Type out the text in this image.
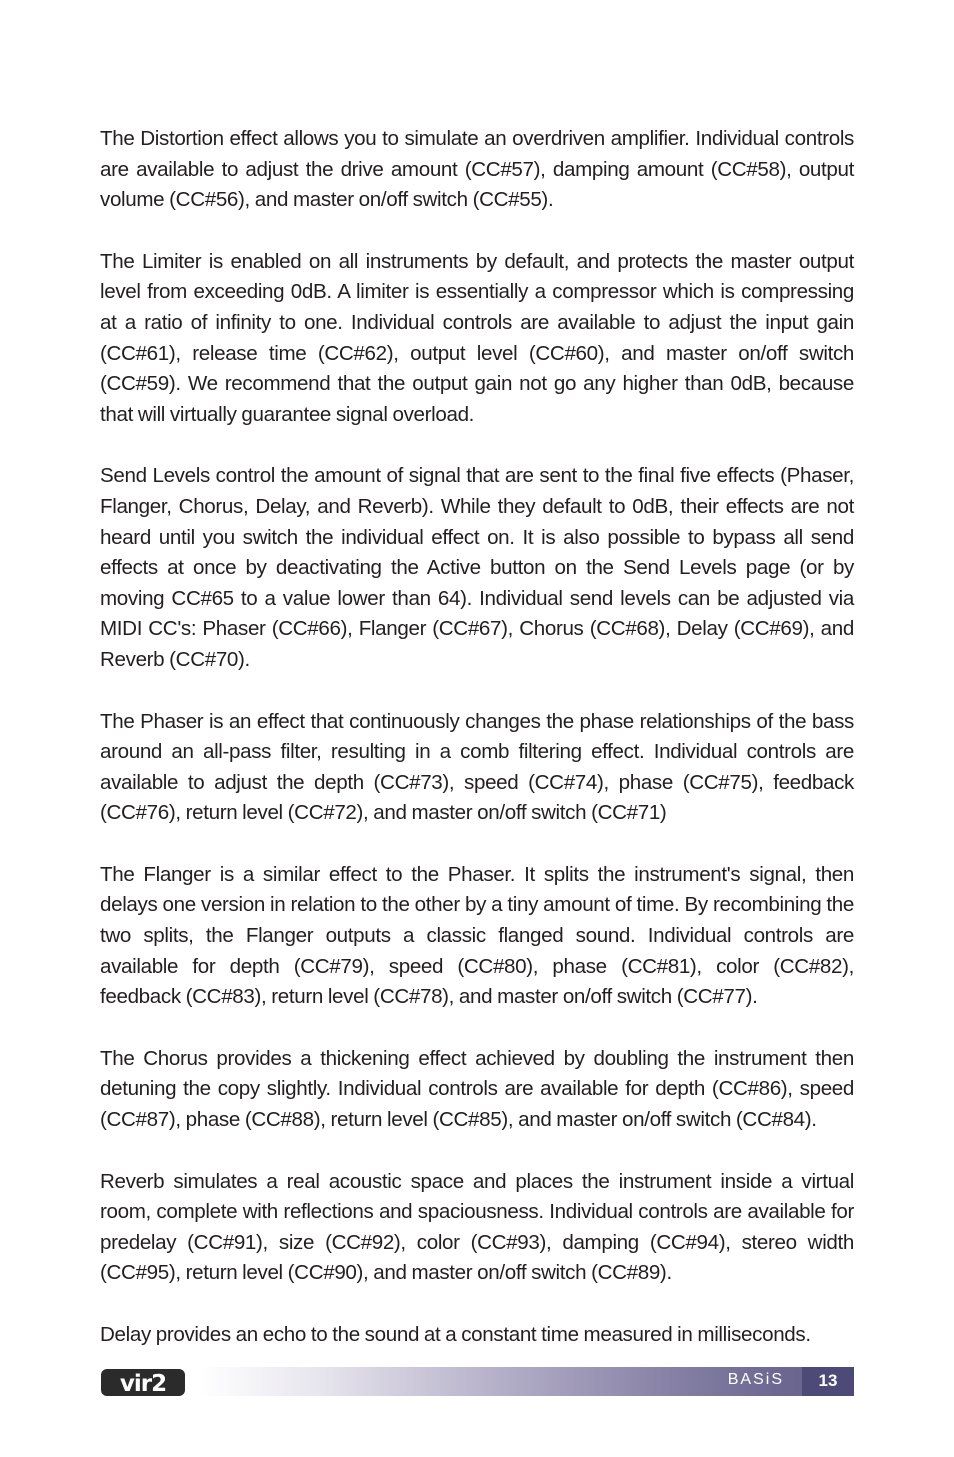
The Distortion effect allows you to simulate an overdriven amplifier. Individual controls are available to adjust the drive amount (CC#57), damping amount (CC#58), output volume (CC#56), and master on/off switch (CC#55).

The Limiter is enabled on all instruments by default, and protects the master output level from exceeding 0dB. A limiter is essentially a compressor which is compressing at a ratio of infinity to one. Individual controls are available to adjust the input gain (CC#61), release time (CC#62), output level (CC#60), and master on/off switch (CC#59). We recommend that the output gain not go any higher than 0dB, because that will virtually guarantee signal overload.

Send Levels control the amount of signal that are sent to the final five effects (Phaser, Flanger, Chorus, Delay, and Reverb). While they default to 0dB, their effects are not heard until you switch the individual effect on. It is also possible to bypass all send effects at once by deactivating the Active button on the Send Levels page (or by moving CC#65 to a value lower than 64). Individual send levels can be adjusted via MIDI CC's: Phaser (CC#66), Flanger (CC#67), Chorus (CC#68), Delay (CC#69), and Reverb (CC#70).

The Phaser is an effect that continuously changes the phase relationships of the bass around an all-pass filter, resulting in a comb filtering effect. Individual controls are available to adjust the depth (CC#73), speed (CC#74), phase (CC#75), feedback (CC#76), return level (CC#72), and master on/off switch (CC#71)

The Flanger is a similar effect to the Phaser. It splits the instrument's signal, then delays one version in relation to the other by a tiny amount of time. By recombining the two splits, the Flanger outputs a classic flanged sound. Individual controls are available for depth (CC#79), speed (CC#80), phase (CC#81), color (CC#82), feedback (CC#83), return level (CC#78), and master on/off switch (CC#77).

The Chorus provides a thickening effect achieved by doubling the instrument then detuning the copy slightly. Individual controls are available for depth (CC#86), speed (CC#87), phase (CC#88), return level (CC#85), and master on/off switch (CC#84).

Reverb simulates a real acoustic space and places the instrument inside a virtual room, complete with reflections and spaciousness. Individual controls are available for predelay (CC#91), size (CC#92), color (CC#93), damping (CC#94), stereo width (CC#95), return level (CC#90), and master on/off switch (CC#89).

Delay provides an echo to the sound at a constant time measured in milliseconds.

vir2	BASiS	13
